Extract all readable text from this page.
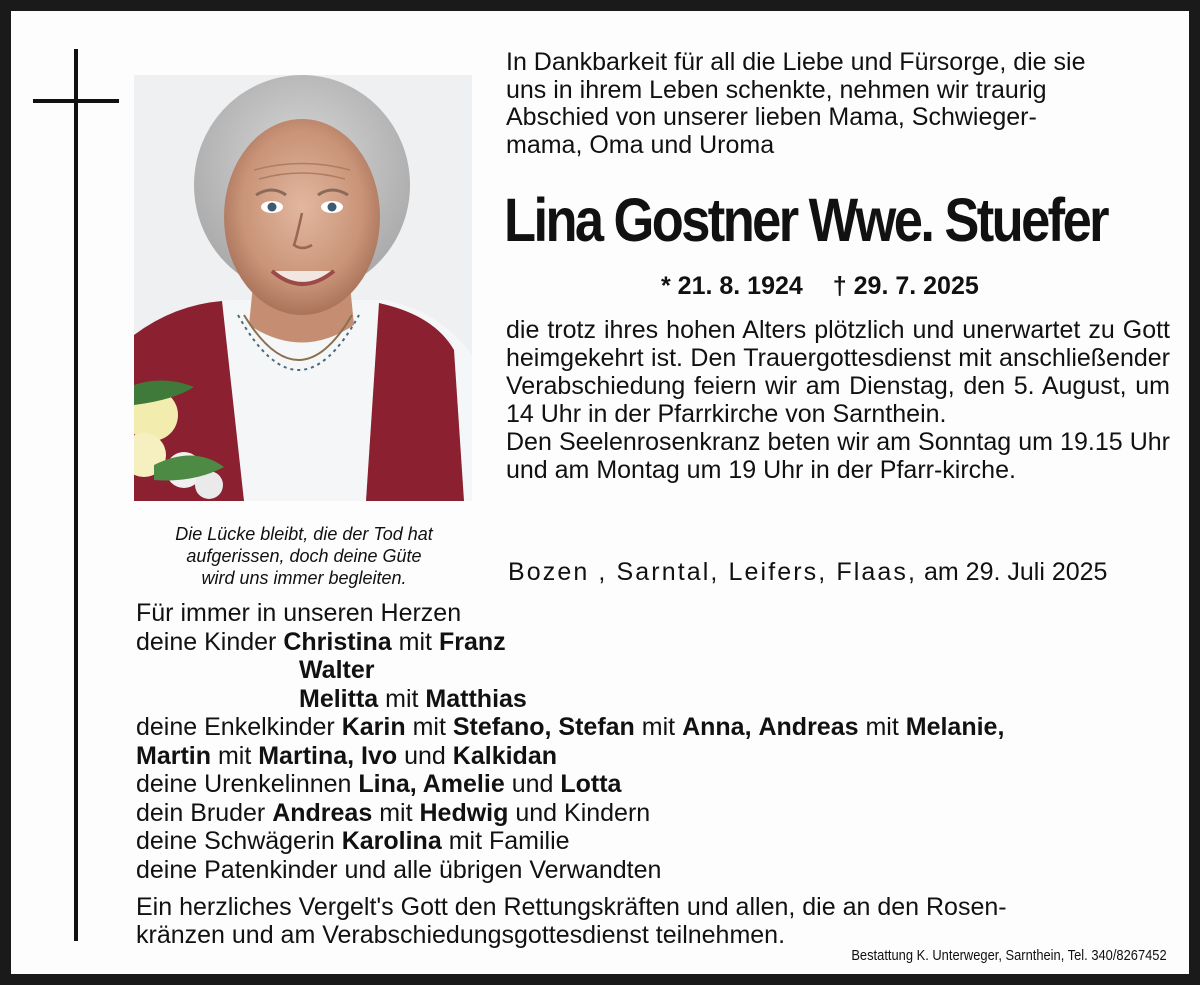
Die Lücke bleibt, die der Tod hat
aufgerissen, doch deine Güte
wird uns immer begleiten.
In Dankbarkeit für all die Liebe und Fürsorge, die sie
uns in ihrem Leben schenkte, nehmen wir traurig
Abschied von unserer lieben Mama, Schwieger-
mama, Oma und Uroma
Lina Gostner Wwe. Stuefer
* 21. 8. 1924 † 29. 7. 2025

die trotz ihres hohen Alters plötzlich und unerwartet zu Gott heimgekehrt ist. Den Trauergottesdienst mit anschließender Verabschiedung feiern wir am Dienstag, den 5. August, um 14 Uhr in der Pfarrkirche von Sarnthein.

Den Seelenrosenkranz beten wir am Sonntag um 19.15 Uhr und am Montag um 19 Uhr in der Pfarr-kirche.

Bozen , Sarntal, Leifers, Flaas, am 29. Juli 2025
Für immer in unseren Herzen
deine Kinder Christina mit Franz
Walter
Melitta mit Matthias
deine Enkelkinder Karin mit Stefano, Stefan mit Anna, Andreas mit Melanie,
Martin mit Martina, Ivo und Kalkidan
deine Urenkelinnen Lina, Amelie und Lotta
dein Bruder Andreas mit Hedwig und Kindern
deine Schwägerin Karolina mit Familie
deine Patenkinder und alle übrigen Verwandten
Ein herzliches Vergelt's Gott den Rettungskräften und allen, die an den Rosen-
kränzen und am Verabschiedungsgottesdienst teilnehmen.
Bestattung K. Unterweger, Sarnthein, Tel. 340/8267452
